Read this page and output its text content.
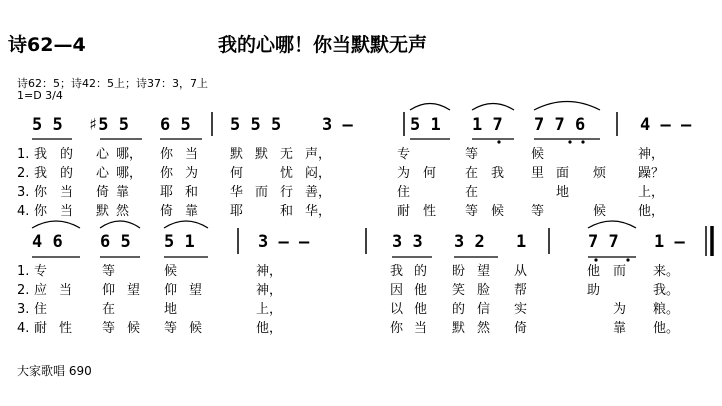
诗62—4	我的心哪！你当默默无声
诗62：5；诗42：5上；诗37：3，7上
1=D 3/4
5 5 ♯5 5 6 5 5 5 5 3 –	5 1 1 7 7 7 6	4 – –
1. 我 的 心 哪， 你 当 默 默 无 声，	专	等	候	神，
2. 我 的 心 哪， 你 为 何	忧 闷，	为 何 在 我 里 面 烦 躁？
3. 你 当 倚 靠 耶 和 华 而 行 善，	住	在	地	上，
4. 你 当 默 然 倚 靠 耶	和 华，	耐 性 等 候 等	候 他，
4 6 6 5 5 1	3 – –	3 3 3 2 1	7 7 1 –
1. 专	等	候	神，	我 的 盼 望 从	他 而 来。
2. 应 当 仰 望 仰 望	神，	因 他 笑 脸 帮	助	我。
3. 住	在	地	上，	以 他 的 信 实	为 粮。
4. 耐 性 等 候 等 候	他，	你 当 默 然 倚	靠 他。
大家歌唱 690
